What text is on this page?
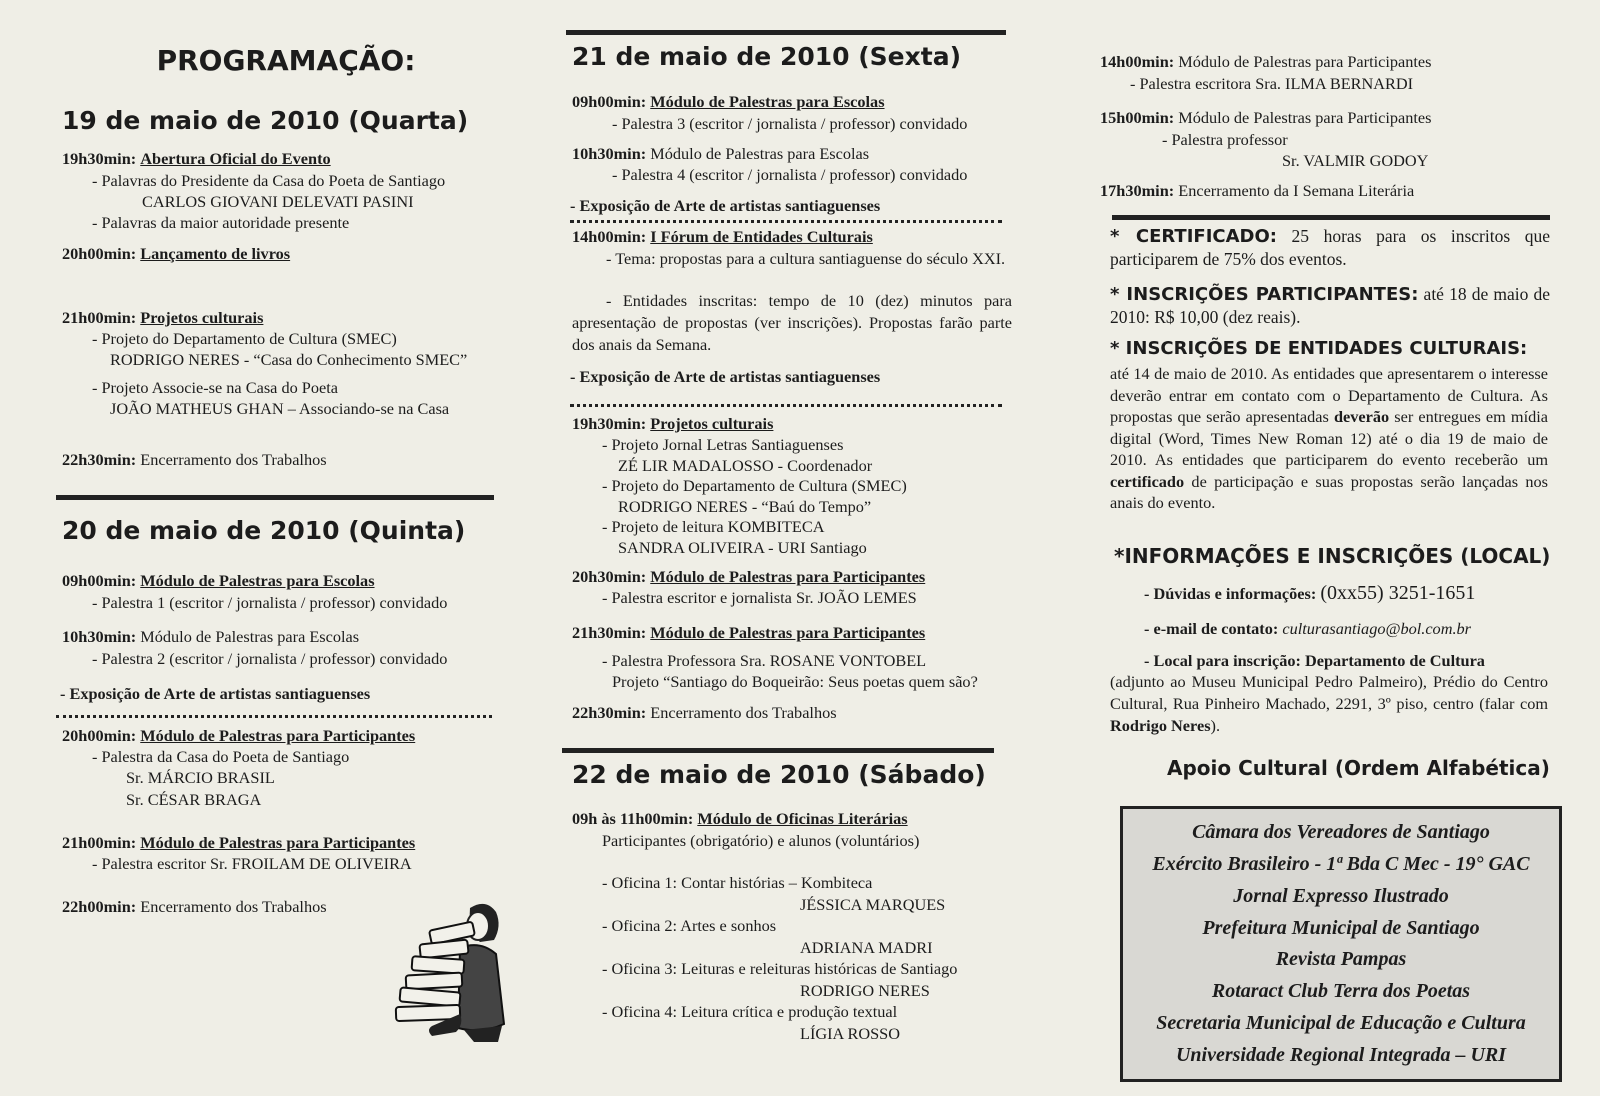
PROGRAMAÇÃO:
19 de maio de 2010 (Quarta)
19h30min: Abertura Oficial do Evento
- Palavras do Presidente da Casa do Poeta de Santiago
CARLOS GIOVANI DELEVATI PASINI
- Palavras da maior autoridade presente
20h00min: Lançamento de livros
21h00min: Projetos culturais
- Projeto do Departamento de Cultura (SMEC)
RODRIGO NERES - “Casa do Conhecimento SMEC”
- Projeto Associe-se na Casa do Poeta
JOÃO MATHEUS GHAN – Associando-se na Casa
22h30min: Encerramento dos Trabalhos
20 de maio de 2010 (Quinta)
09h00min: Módulo de Palestras para Escolas
- Palestra 1 (escritor / jornalista / professor) convidado
10h30min: Módulo de Palestras para Escolas
- Palestra 2 (escritor / jornalista / professor) convidado
- Exposição de Arte de artistas santiaguenses
20h00min: Módulo de Palestras para Participantes
- Palestra da Casa do Poeta de Santiago
Sr. MÁRCIO BRASIL
Sr. CÉSAR BRAGA
21h00min: Módulo de Palestras para Participantes
- Palestra escritor Sr. FROILAM DE OLIVEIRA
22h00min: Encerramento dos Trabalhos
21 de maio de 2010 (Sexta)
09h00min: Módulo de Palestras para Escolas
- Palestra 3 (escritor / jornalista / professor) convidado
10h30min: Módulo de Palestras para Escolas
- Palestra 4 (escritor / jornalista / professor) convidado
- Exposição de Arte de artistas santiaguenses
14h00min: I Fórum de Entidades Culturais
- Tema: propostas para a cultura santiaguense do século XXI.
- Entidades inscritas: tempo de 10 (dez) minutos para apresentação de propostas (ver inscrições). Propostas farão parte dos anais da Semana.
- Exposição de Arte de artistas santiaguenses
19h30min: Projetos culturais
- Projeto Jornal Letras Santiaguenses
ZÉ LIR MADALOSSO - Coordenador
- Projeto do Departamento de Cultura (SMEC)
RODRIGO NERES - “Baú do Tempo”
- Projeto de leitura KOMBITECA
SANDRA OLIVEIRA - URI Santiago
20h30min: Módulo de Palestras para Participantes
- Palestra escritor e jornalista Sr. JOÃO LEMES
21h30min: Módulo de Palestras para Participantes
- Palestra Professora Sra. ROSANE VONTOBEL
Projeto “Santiago do Boqueirão: Seus poetas quem são?
22h30min: Encerramento dos Trabalhos
22 de maio de 2010 (Sábado)
09h às 11h00min: Módulo de Oficinas Literárias
Participantes (obrigatório) e alunos (voluntários)
- Oficina 1: Contar histórias – Kombiteca
JÉSSICA MARQUES
- Oficina 2: Artes e sonhos
ADRIANA MADRI
- Oficina 3: Leituras e releituras históricas de Santiago
RODRIGO NERES
- Oficina 4: Leitura crítica e produção textual
LÍGIA ROSSO
14h00min: Módulo de Palestras para Participantes
- Palestra escritora Sra. ILMA BERNARDI
15h00min: Módulo de Palestras para Participantes
- Palestra professor
Sr. VALMIR GODOY
17h30min: Encerramento da I Semana Literária
* CERTIFICADO: 25 horas para os inscritos que participarem de 75% dos eventos.
* INSCRIÇÕES PARTICIPANTES: até 18 de maio de 2010: R$ 10,00 (dez reais).
* INSCRIÇÕES DE ENTIDADES CULTURAIS:
até 14 de maio de 2010. As entidades que apresentarem o interesse deverão entrar em contato com o Departamento de Cultura. As propostas que serão apresentadas deverão ser entregues em mídia digital (Word, Times New Roman 12) até o dia 19 de maio de 2010. As entidades que participarem do evento receberão um certificado de participação e suas propostas serão lançadas nos anais do evento.
*INFORMAÇÕES E INSCRIÇÕES (LOCAL)
- Dúvidas e informações: (0xx55) 3251-1651
- e-mail de contato: culturasantiago@bol.com.br
- Local para inscrição: Departamento de Cultura
(adjunto ao Museu Municipal Pedro Palmeiro), Prédio do Centro Cultural, Rua Pinheiro Machado, 2291, 3º piso, centro (falar com Rodrigo Neres).
Apoio Cultural (Ordem Alfabética)
Câmara dos Vereadores de Santiago
Exército Brasileiro - 1ª Bda C Mec - 19° GAC
Jornal Expresso Ilustrado
Prefeitura Municipal de Santiago
Revista Pampas
Rotaract Club Terra dos Poetas
Secretaria Municipal de Educação e Cultura
Universidade Regional Integrada – URI
